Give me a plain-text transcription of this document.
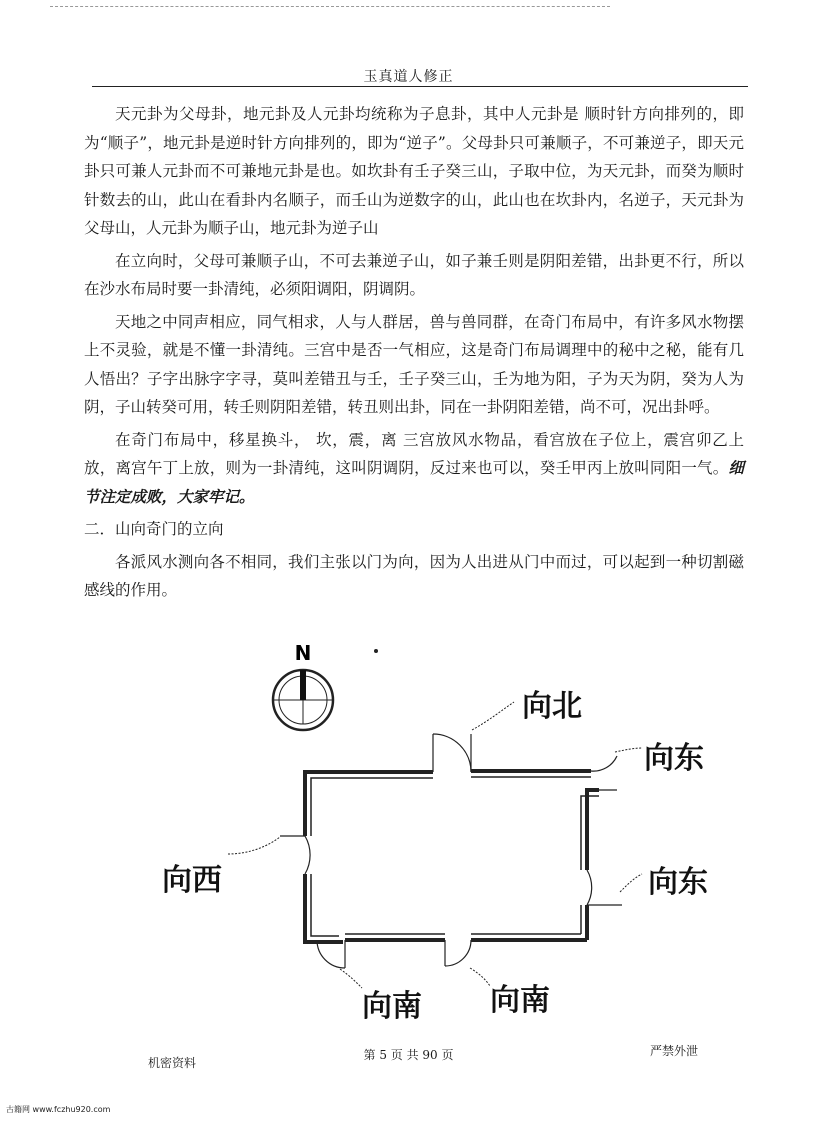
玉真道人修正

天元卦为父母卦，地元卦及人元卦均统称为子息卦，其中人元卦是 顺时针方向排列的，即为“顺子”，地元卦是逆时针方向排列的，即为“逆子”。父母卦只可兼顺子，不可兼逆子，即天元卦只可兼人元卦而不可兼地元卦是也。如坎卦有壬子癸三山，子取中位，为天元卦，而癸为顺时针数去的山，此山在看卦内名顺子，而壬山为逆数字的山，此山也在坎卦内，名逆子，天元卦为父母山，人元卦为顺子山，地元卦为逆子山

在立向时，父母可兼顺子山，不可去兼逆子山，如子兼壬则是阴阳差错，出卦更不行，所以在沙水布局时要一卦清纯，必须阳调阳，阴调阴。

天地之中同声相应，同气相求，人与人群居，兽与兽同群，在奇门布局中，有许多风水物摆上不灵验，就是不懂一卦清纯。三宫中是否一气相应，这是奇门布局调理中的秘中之秘，能有几人悟出？子字出脉字字寻，莫叫差错丑与壬，壬子癸三山，壬为地为阳，子为天为阴，癸为人为阴，子山转癸可用，转壬则阴阳差错，转丑则出卦，同在一卦阴阳差错，尚不可，况出卦呼。

在奇门布局中，移星换斗， 坎，震，离 三宫放风水物品，看宫放在子位上，震宫卯乙上放，离宫午丁上放，则为一卦清纯，这叫阴调阴，反过来也可以，癸壬甲丙上放叫同阳一气。细节注定成败，大家牢记。

二．山向奇门的立向

各派风水测向各不相同，我们主张以门为向，因为人出进从门中而过，可以起到一种切割磁感线的作用。

N
向北
向东
向西	向东
向南 向南
机密资料
第 5 页 共 90 页	严禁外泄
古籍网 www.fczhu920.com
